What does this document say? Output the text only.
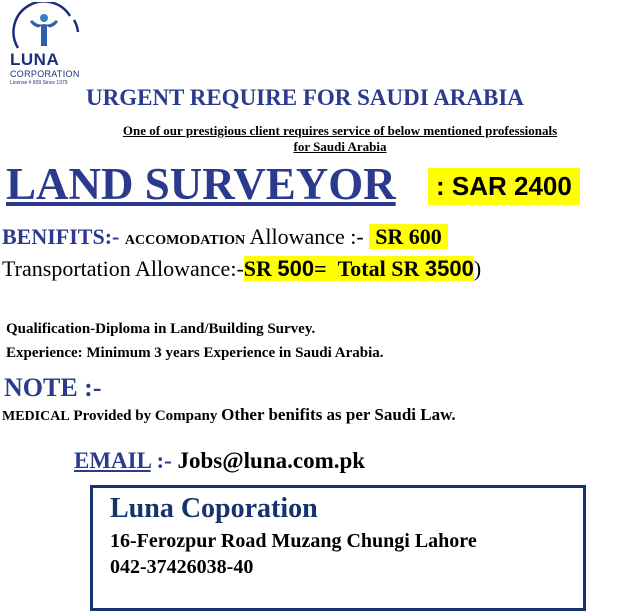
LUNA
CORPORATION
License # 609 Since 1979
URGENT REQUIRE FOR SAUDI ARABIA
One of our prestigious client requires service of below mentioned professionals for Saudi Arabia
LAND SURVEYOR	: SAR 2400
BENIFITS:- ACCOMODATION Allowance :- SR 600
Transportation Allowance:-SR 500= Total SR 3500)
Qualification-Diploma in Land/Building Survey.
Experience: Minimum 3 years Experience in Saudi Arabia.
NOTE :-
MEDICAL Provided by Company Other benifits as per Saudi Law.
EMAIL :- Jobs@luna.com.pk
Luna Coporation
16-Ferozpur Road Muzang Chungi Lahore
042-37426038-40
